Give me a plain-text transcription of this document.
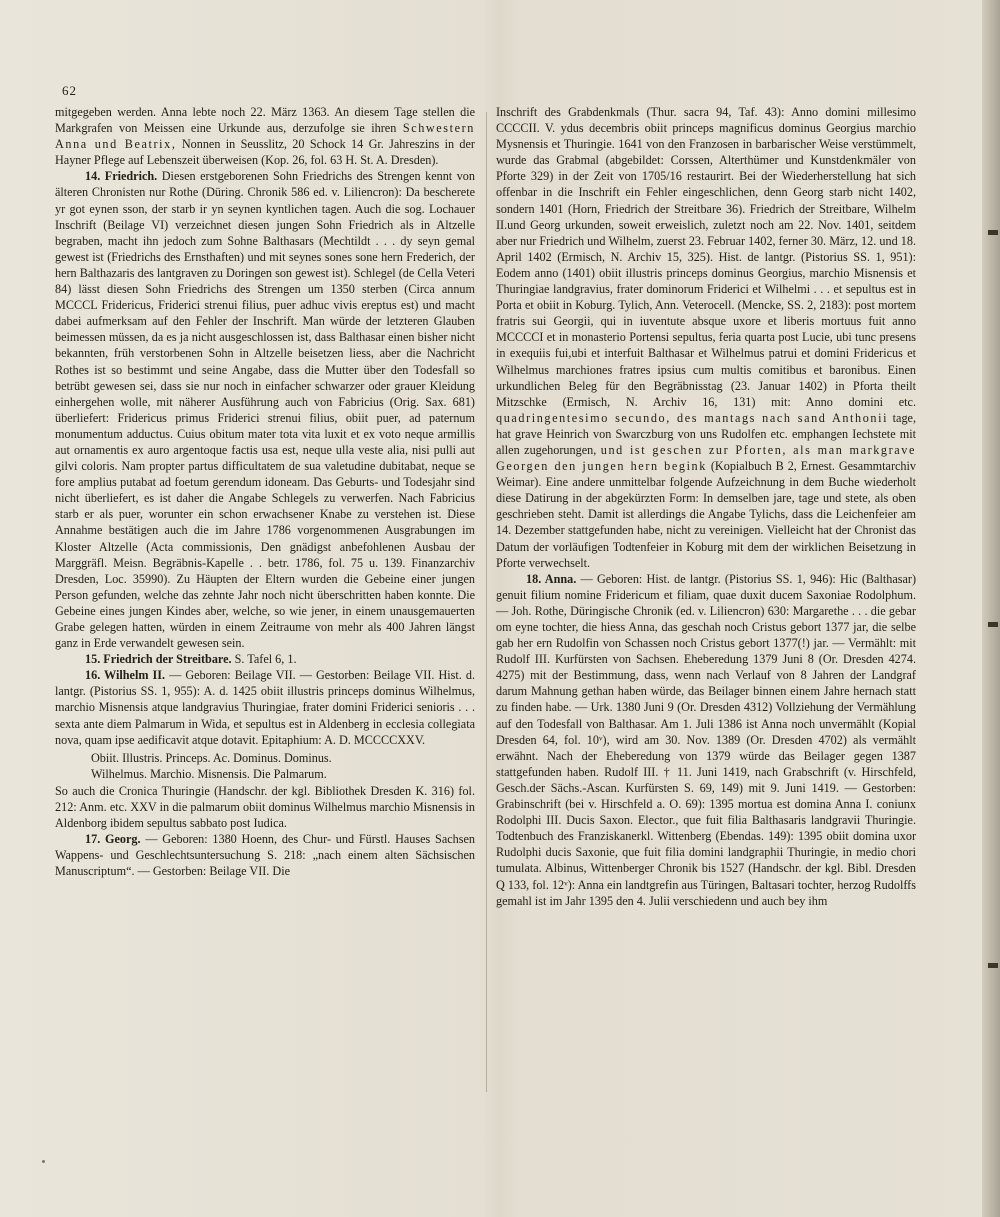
62

mitgegeben werden. Anna lebte noch 22. März 1363. An diesem Tage stellen die Markgrafen von Meissen eine Urkunde aus, derzufolge sie ihren Schwestern Anna und Beatrix, Nonnen in Seusslitz, 20 Schock 14 Gr. Jahreszins in der Hayner Pflege auf Lebenszeit überweisen (Kop. 26, fol. 63 H. St. A. Dresden).

14. Friedrich. Diesen erstgeborenen Sohn Friedrichs des Strengen kennt von älteren Chronisten nur Rothe (Düring. Chronik 586 ed. v. Liliencron): Da bescherete yr got eynen sson, der starb ir yn seynen kyntlichen tagen. Auch die sog. Lochauer Inschrift (Beilage VI) verzeichnet diesen jungen Sohn Friedrich als in Altzelle begraben, macht ihn jedoch zum Sohne Balthasars (Mechtildt . . . dy seyn gemal gewest ist (Friedrichs des Ernsthaften) und mit seynes sones sone hern Frederich, der hern Balthazaris des lantgraven zu Doringen son gewest ist). Schlegel (de Cella Veteri 84) lässt diesen Sohn Friedrichs des Strengen um 1350 sterben (Circa annum MCCCL Fridericus, Friderici strenui filius, puer adhuc vivis ereptus est) und macht dabei aufmerksam auf den Fehler der Inschrift. Man würde der letzteren Glauben beimessen müssen, da es ja nicht ausgeschlossen ist, dass Balthasar einen bisher nicht bekannten, früh verstorbenen Sohn in Altzelle beisetzen liess, aber die Nachricht Rothes ist so bestimmt und seine Angabe, dass die Mutter über den Todesfall so betrübt gewesen sei, dass sie nur noch in einfacher schwarzer oder grauer Kleidung einhergehen wolle, mit näherer Ausführung auch von Fabricius (Orig. Sax. 681) überliefert: Fridericus primus Friderici strenui filius, obiit puer, ad paternum monumentum adductus. Cuius obitum mater tota vita luxit et ex voto neque armillis aut ornamentis ex auro argentoque factis usa est, neque ulla veste alia, nisi pulli aut gilvi coloris. Nam propter partus difficultatem de sua valetudine dubitabat, neque se fore amplius putabat ad foetum gerendum idoneam. Das Geburts- und Todesjahr sind nicht überliefert, es ist daher die Angabe Schlegels zu verwerfen. Nach Fabricius starb er als puer, worunter ein schon erwachsener Knabe zu verstehen ist. Diese Annahme bestätigen auch die im Jahre 1786 vorgenommenen Ausgrabungen im Kloster Altzelle (Acta commissionis, Den gnädigst anbefohlenen Ausbau der Marggräfl. Meisn. Begräbnis-Kapelle . . betr. 1786, fol. 75 u. 139. Finanzarchiv Dresden, Loc. 35990). Zu Häupten der Eltern wurden die Gebeine einer jungen Person gefunden, welche das zehnte Jahr noch nicht überschritten haben konnte. Die Gebeine eines jungen Kindes aber, welche, so wie jener, in einem unausgemauerten Grabe gelegen hatten, würden in einem Zeitraume von mehr als 400 Jahren längst ganz in Erde verwandelt gewesen sein.

15. Friedrich der Streitbare. S. Tafel 6, 1.

16. Wilhelm II. — Geboren: Beilage VII. — Gestorben: Beilage VII. Hist. d. lantgr. (Pistorius SS. 1, 955): A. d. 1425 obiit illustris princeps dominus Wilhelmus, marchio Misnensis atque landgravius Thuringiae, frater domini Friderici senioris . . . sexta ante diem Palmarum in Wida, et sepultus est in Aldenberg in ecclesia collegiata nova, quam ipse aedificavit atque dotavit. Epitaphium: A. D. MCCCCXXV.

Obiit. Illustris. Princeps. Ac. Dominus. Dominus.
Wilhelmus. Marchio. Misnensis. Die Palmarum.

So auch die Cronica Thuringie (Handschr. der kgl. Bibliothek Dresden K. 316) fol. 212: Anm. etc. XXV in die palmarum obiit dominus Wilhelmus marchio Misnensis in Aldenborg ibidem sepultus sabbato post Iudica.

17. Georg. — Geboren: 1380 Hoenn, des Chur- und Fürstl. Hauses Sachsen Wappens- und Geschlechtsuntersuchung S. 218: „nach einem alten Sächsischen Manuscriptum“. — Gestorben: Beilage VII. Die

Inschrift des Grabdenkmals (Thur. sacra 94, Taf. 43): Anno domini millesimo CCCCII. V. ydus decembris obiit princeps magnificus dominus Georgius marchio Mysnensis et Thuringie. 1641 von den Franzosen in barbarischer Weise verstümmelt, wurde das Grabmal (abgebildet: Corssen, Alterthümer und Kunstdenkmäler von Pforte 329) in der Zeit von 1705/16 restaurirt. Bei der Wiederherstellung hat sich offenbar in die Inschrift ein Fehler eingeschlichen, denn Georg starb nicht 1402, sondern 1401 (Horn, Friedrich der Streitbare 36). Friedrich der Streitbare, Wilhelm II.und Georg urkunden, soweit erweislich, zuletzt noch am 22. Nov. 1401, seitdem aber nur Friedrich und Wilhelm, zuerst 23. Februar 1402, ferner 30. März, 12. und 18. April 1402 (Ermisch, N. Archiv 15, 325). Hist. de lantgr. (Pistorius SS. 1, 951): Eodem anno (1401) obiit illustris princeps dominus Georgius, marchio Misnensis et Thuringiae landgravius, frater dominorum Friderici et Wilhelmi . . . et sepultus est in Porta et obiit in Koburg. Tylich, Ann. Veterocell. (Mencke, SS. 2, 2183): post mortem fratris sui Georgii, qui in iuventute absque uxore et liberis mortuus fuit anno MCCCCI et in monasterio Portensi sepultus, feria quarta post Lucie, ubi tunc presens in exequiis fui,ubi et interfuit Balthasar et Wilhelmus patrui et domini Fridericus et Wilhelmus marchiones fratres ipsius cum multis comitibus et baronibus. Einen urkundlichen Beleg für den Begräbnisstag (23. Januar 1402) in Pforta theilt Mitzschke (Ermisch, N. Archiv 16, 131) mit: Anno domini etc. quadringentesimo secundo, des mantags nach sand Anthonii tage, hat grave Heinrich von Swarczburg von uns Rudolfen etc. emphangen Iechstete mit allen zugehorungen, und ist geschen zur Pforten, als man markgrave Georgen den jungen hern begink (Kopialbuch B 2, Ernest. Gesammtarchiv Weimar). Eine andere unmittelbar folgende Aufzeichnung in dem Buche wiederholt diese Datirung in der abgekürzten Form: In demselben jare, tage und stete, als oben geschrieben steht. Damit ist allerdings die Angabe Tylichs, dass die Leichenfeier am 14. Dezember stattgefunden habe, nicht zu vereinigen. Vielleicht hat der Chronist das Datum der vorläufigen Todtenfeier in Koburg mit dem der wirklichen Beisetzung in Pforte verwechselt.

18. Anna. — Geboren: Hist. de lantgr. (Pistorius SS. 1, 946): Hic (Balthasar) genuit filium nomine Fridericum et filiam, quae duxit ducem Saxoniae Rodolphum. — Joh. Rothe, Düringische Chronik (ed. v. Liliencron) 630: Margarethe . . . die gebar om eyne tochter, die hiess Anna, das geschah noch Cristus gebort 1377 jar, die selbe gab her ern Rudolfin von Schassen noch Cristus gebort 1377(!) jar. — Vermählt: mit Rudolf III. Kurfürsten von Sachsen. Eheberedung 1379 Juni 8 (Or. Dresden 4274. 4275) mit der Bestimmung, dass, wenn nach Verlauf von 8 Jahren der Landgraf darum Mahnung gethan haben würde, das Beilager binnen einem Jahre hernach statt zu finden habe. — Urk. 1380 Juni 9 (Or. Dresden 4312) Vollziehung der Vermählung auf den Todesfall von Balthasar. Am 1. Juli 1386 ist Anna noch unvermählt (Kopial Dresden 64, fol. 10ᵛ), wird am 30. Nov. 1389 (Or. Dresden 4702) als vermählt erwähnt. Nach der Eheberedung von 1379 würde das Beilager gegen 1387 stattgefunden haben. Rudolf III. † 11. Juni 1419, nach Grabschrift (v. Hirschfeld, Gesch.der Sächs.-Ascan. Kurfürsten S. 69, 149) mit 9. Juni 1419. — Gestorben: Grabinschrift (bei v. Hirschfeld a. O. 69): 1395 mortua est domina Anna I. coniunx Rodolphi III. Ducis Saxon. Elector., que fuit filia Balthasaris landgravii Thuringie. Todtenbuch des Franziskanerkl. Wittenberg (Ebendas. 149): 1395 obiit domina uxor Rudolphi ducis Saxonie, que fuit filia domini landgraphii Thuringie, in medio chori tumulata. Albinus, Wittenberger Chronik bis 1527 (Handschr. der kgl. Bibl. Dresden Q 133, fol. 12ᵛ): Anna ein landtgrefin aus Türingen, Baltasari tochter, herzog Rudolffs gemahl ist im Jahr 1395 den 4. Julii verschiedenn und auch bey ihm
